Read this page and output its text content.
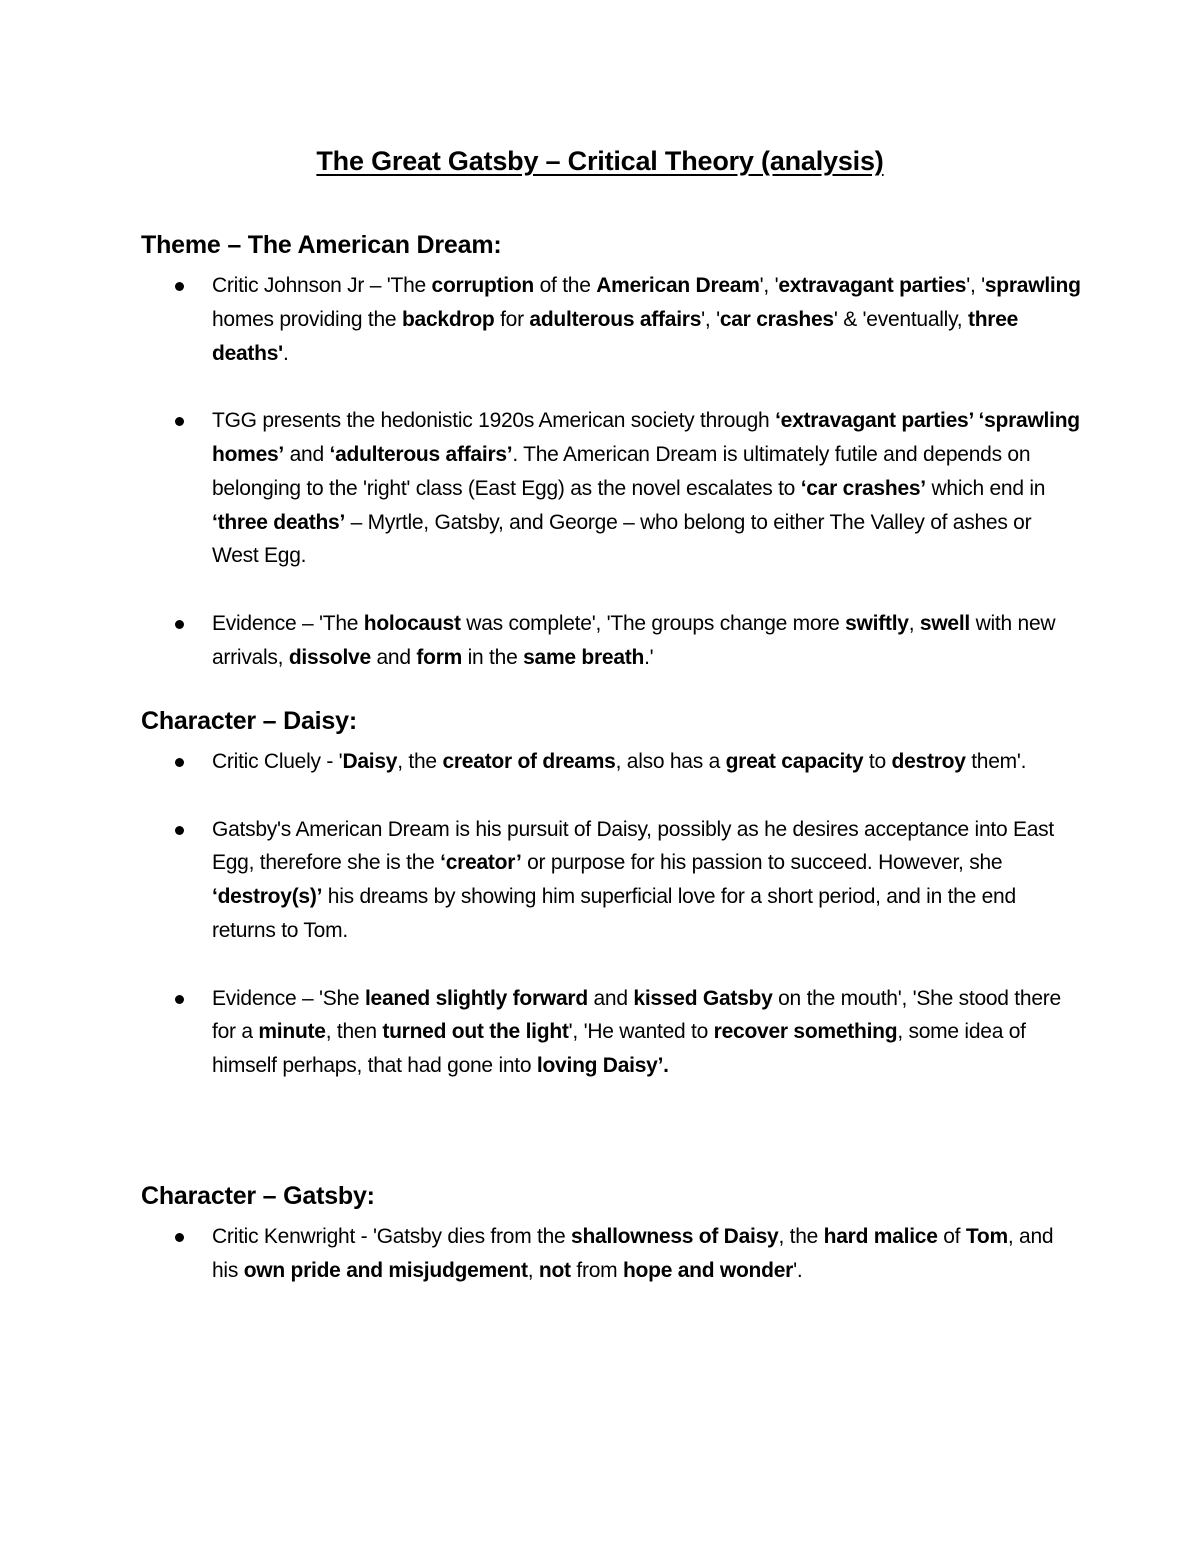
The Great Gatsby – Critical Theory (analysis)
Theme – The American Dream:
Critic Johnson Jr – 'The corruption of the American Dream', 'extravagant parties', 'sprawling homes providing the backdrop for adulterous affairs', 'car crashes' & 'eventually, three deaths'.
TGG presents the hedonistic 1920s American society through ‘extravagant parties’ ‘sprawling homes’ and ‘adulterous affairs’. The American Dream is ultimately futile and depends on belonging to the 'right' class (East Egg) as the novel escalates to ‘car crashes’ which end in ‘three deaths’ – Myrtle, Gatsby, and George – who belong to either The Valley of ashes or West Egg.
Evidence – 'The holocaust was complete', 'The groups change more swiftly, swell with new arrivals, dissolve and form in the same breath.'
Character – Daisy:
Critic Cluely - 'Daisy, the creator of dreams, also has a great capacity to destroy them'.
Gatsby's American Dream is his pursuit of Daisy, possibly as he desires acceptance into East Egg, therefore she is the ‘creator’ or purpose for his passion to succeed. However, she ‘destroy(s)’ his dreams by showing him superficial love for a short period, and in the end returns to Tom.
Evidence – 'She leaned slightly forward and kissed Gatsby on the mouth', 'She stood there for a minute, then turned out the light', 'He wanted to recover something, some idea of himself perhaps, that had gone into loving Daisy’.
Character – Gatsby:
Critic Kenwright - 'Gatsby dies from the shallowness of Daisy, the hard malice of Tom, and his own pride and misjudgement, not from hope and wonder'.
